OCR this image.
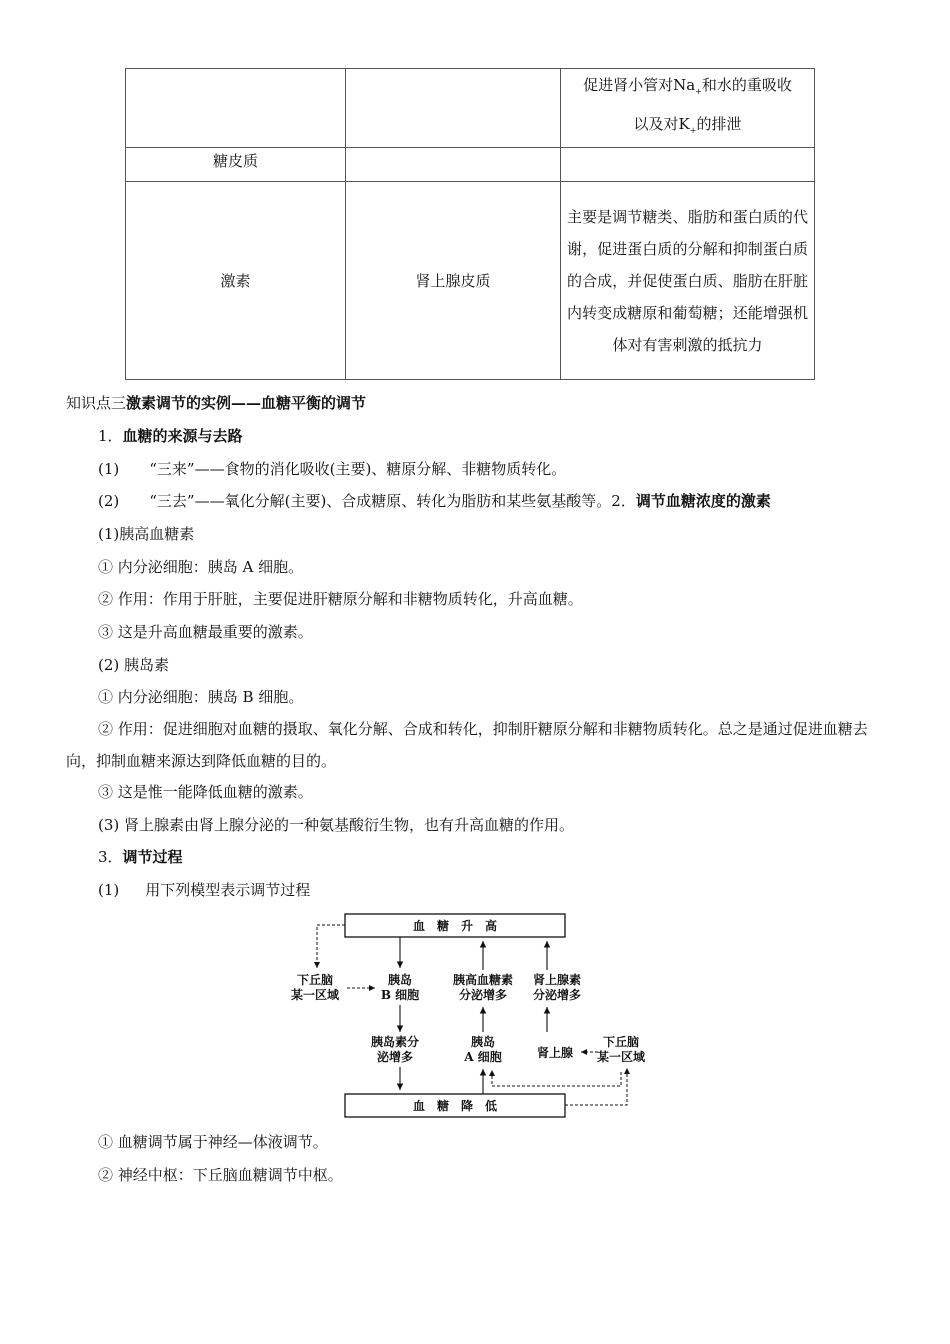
		促进肾小管对$Na_+$和水的重吸收
以及对$K_+$的排泄

糖皮质		
激素	肾上腺皮质	主要是调节糖类、脂肪和蛋白质的代谢，促进蛋白质的分解和抑制蛋白质的合成，并促使蛋白质、脂肪在肝脏内转变成糖原和葡萄糖；还能增强机体对有害刺激的抵抗力
知识点三激素调节的实例——血糖平衡的调节
1．血糖的来源与去路
(1) “三来”——食物的消化吸收(主要)、糖原分解、非糖物质转化。
(2) “三去”——氧化分解(主要)、合成糖原、转化为脂肪和某些氨基酸等。2．调节血糖浓度的激素
(1)胰高血糖素
① 内分泌细胞：胰岛 A 细胞。
② 作用：作用于肝脏，主要促进肝糖原分解和非糖物质转化，升高血糖。
③ 这是升高血糖最重要的激素。
(2) 胰岛素
① 内分泌细胞：胰岛 B 细胞。
② 作用：促进细胞对血糖的摄取、氧化分解、合成和转化，抑制肝糖原分解和非糖物质转化。总之是通过促进血糖去向，抑制血糖来源达到降低血糖的目的。
③ 这是惟一能降低血糖的激素。
(3) 肾上腺素由肾上腺分泌的一种氨基酸衍生物，也有升高血糖的作用。
3．调节过程
(1) 用下列模型表示调节过程
血　糖　升　高
血　糖　降　低
下丘脑
某一区域
胰岛
B 细胞
胰高血糖素
分泌增多
肾上腺素
分泌增多
胰岛素分
泌增多
胰岛
A 细胞	肾上腺
下丘脑
某一区域
① 血糖调节属于神经—体液调节。
② 神经中枢：下丘脑血糖调节中枢。
